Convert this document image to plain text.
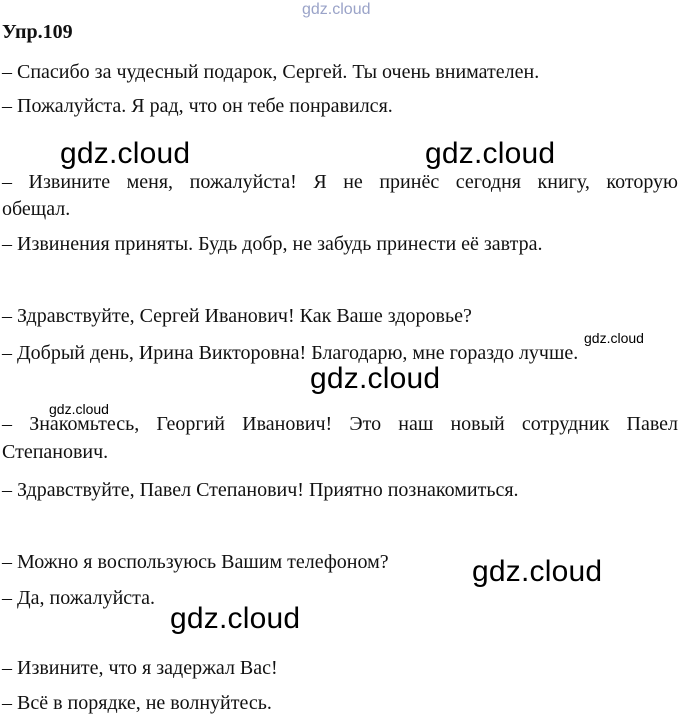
gdz.cloud
Упр.109
– Спасибо за чудесный подарок, Сергей. Ты очень внимателен.
– Пожалуйста. Я рад, что он тебе понравился.
– Извините меня, пожалуйста! Я не принёс сегодня книгу, которую
обещал.
– Извинения приняты. Будь добр, не забудь принести её завтра.
– Здравствуйте, Сергей Иванович! Как Ваше здоровье?
– Добрый день, Ирина Викторовна! Благодарю, мне гораздо лучше.
– Знакомьтесь, Георгий Иванович! Это наш новый сотрудник Павел
Степанович.
– Здравствуйте, Павел Степанович! Приятно познакомиться.
– Можно я воспользуюсь Вашим телефоном?
– Да, пожалуйста.
– Извините, что я задержал Вас!
– Всё в порядке, не волнуйтесь.
gdz.cloud	gdz.cloud
gdz.cloud
gdz.cloud
gdz.cloud
gdz.cloud
gdz.cloud
